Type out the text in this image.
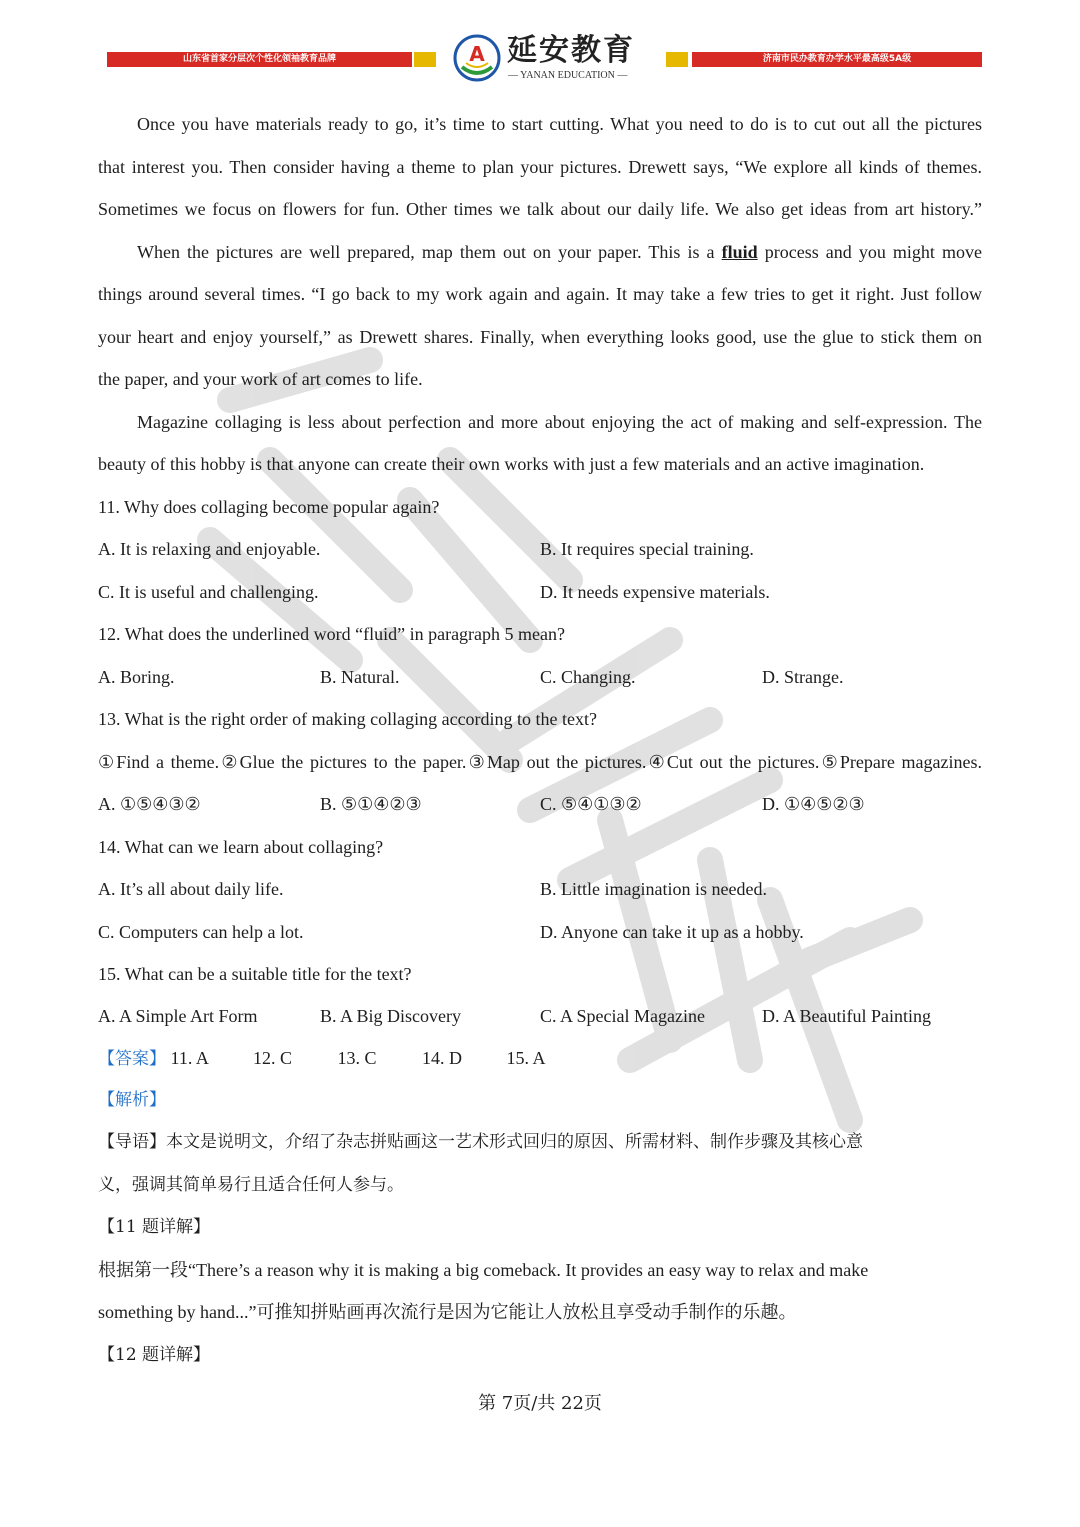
山东省首家分层次个性化领袖教育品牌	A 延安教育
— YANAN EDUCATION —
济南市民办教育办学水平最高级5A级
Once you have materials ready to go, it’s time to start cutting. What you need to do is to cut out all the pictures
that interest you. Then consider having a theme to plan your pictures. Drewett says, “We explore all kinds of themes.
Sometimes we focus on flowers for fun. Other times we talk about our daily life. We also get ideas from art history.”
When the pictures are well prepared, map them out on your paper. This is a fluid process and you might move
things around several times. “I go back to my work again and again. It may take a few tries to get it right. Just follow
your heart and enjoy yourself,” as Drewett shares. Finally, when everything looks good, use the glue to stick them on
the paper, and your work of art comes to life.
Magazine collaging is less about perfection and more about enjoying the act of making and self-expression. The
beauty of this hobby is that anyone can create their own works with just a few materials and an active imagination.
11. Why does collaging become popular again?
A. It is relaxing and enjoyable.	B. It requires special training.
C. It is useful and challenging.	D. It needs expensive materials.
12. What does the underlined word “fluid” in paragraph 5 mean?
A. Boring.	B. Natural.	C. Changing.	D. Strange.
13. What is the right order of making collaging according to the text?
①Find a theme.②Glue the pictures to the paper.③Map out the pictures.④Cut out the pictures.⑤Prepare magazines.
A. ①⑤④③②	B. ⑤①④②③	C. ⑤④①③②	D. ①④⑤②③
14. What can we learn about collaging?
A. It’s all about daily life.	B. Little imagination is needed.
C. Computers can help a lot.	D. Anyone can take it up as a hobby.
15. What can be a suitable title for the text?
A. A Simple Art Form	B. A Big Discovery	C. A Special Magazine	D. A Beautiful Painting
【答案】 11. A 12. C	13. C	14. D 15. A
【解析】
【导语】本文是说明文，介绍了杂志拼贴画这一艺术形式回归的原因、所需材料、制作步骤及其核心意
义，强调其简单易行且适合任何人参与。
【11 题详解】
根据第一段“There’s a reason why it is making a big comeback. It provides an easy way to relax and make
something by hand...”可推知拼贴画再次流行是因为它能让人放松且享受动手制作的乐趣。
【12 题详解】
第 7页/共 22页
